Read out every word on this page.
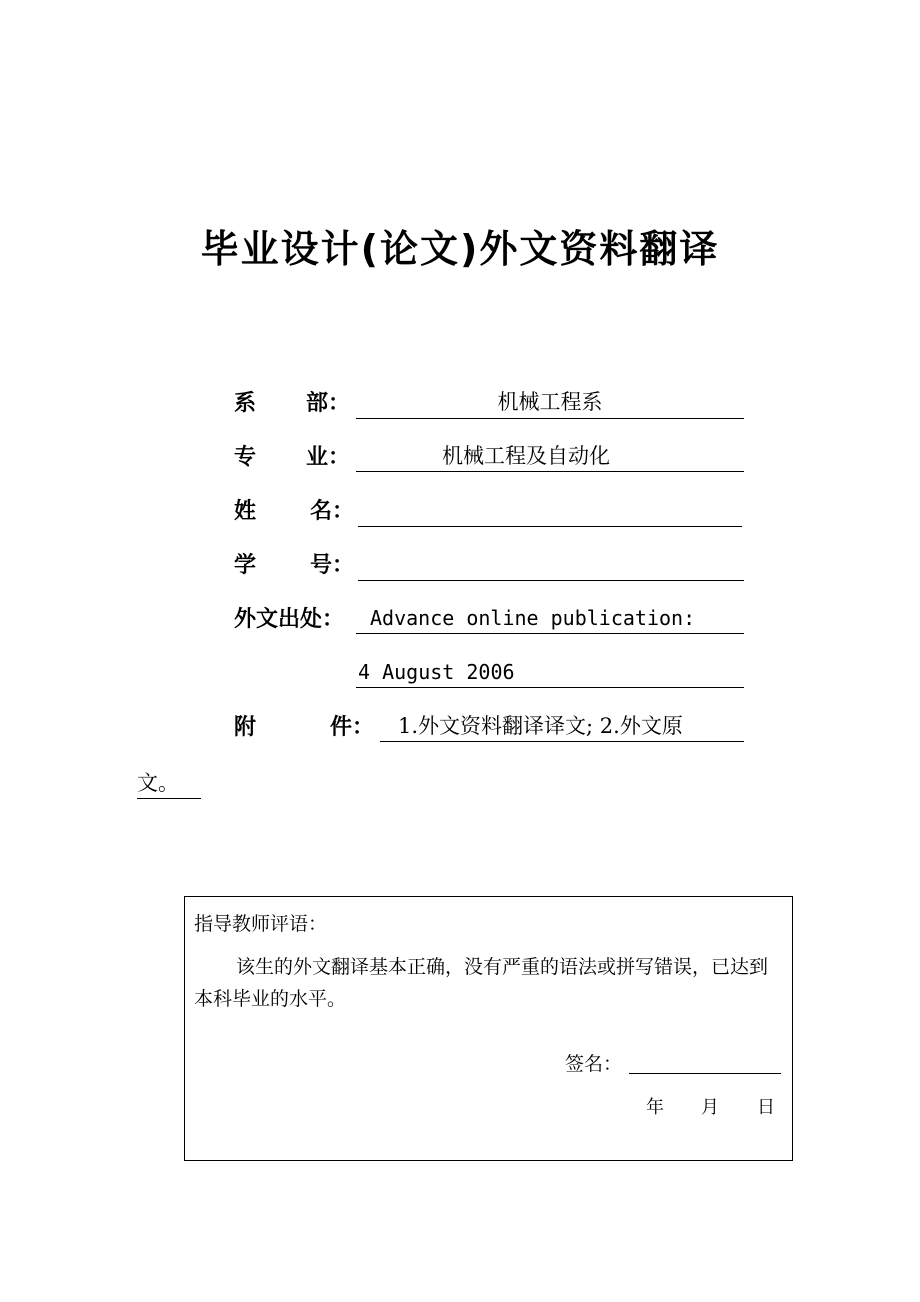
毕业设计(论文)外文资料翻译
系 部：	机械工程系
专 业：	机械工程及自动化
姓 名：
学 号：
外文出处：	Advance online publication:
4 August 2006
附	件：	1.外文资料翻译译文; 2.外文原
文。
指导教师评语：
该生的外文翻译基本正确，没有严重的语法或拼写错误，已达到本科毕业的水平。
签名：
年 月 日
